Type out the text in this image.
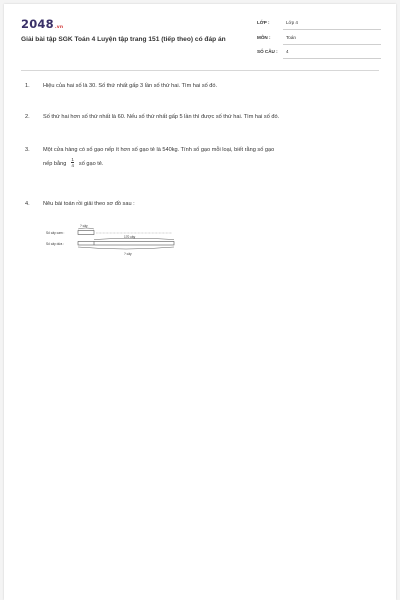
2048.vn
Giải bài tập SGK Toán 4 Luyện tập trang 151 (tiếp theo) có đáp án
LỚP :	Lớp 4
MÔN :	Toán
SỐ CÂU : 4
1. Hiệu của hai số là 30. Số thứ nhất gấp 3 lần số thứ hai. Tìm hai số đó.
2. Số thứ hai hơn số thứ nhất là 60. Nếu số thứ nhất gấp 5 lần thì được số thứ hai. Tìm hai số đó.
3. Một cửa hàng có số gạo nếp ít hơn số gạo tẻ là 540kg. Tính số gạo mỗi loại, biết rằng số gạo
nếp bằng $\frac{1}{4}$ số gạo tẻ.
4. Nêu bài toán rồi giải theo sơ đồ sau :
? cây
Số cây cam :
170 cây
Số cây dứa :
? cây
